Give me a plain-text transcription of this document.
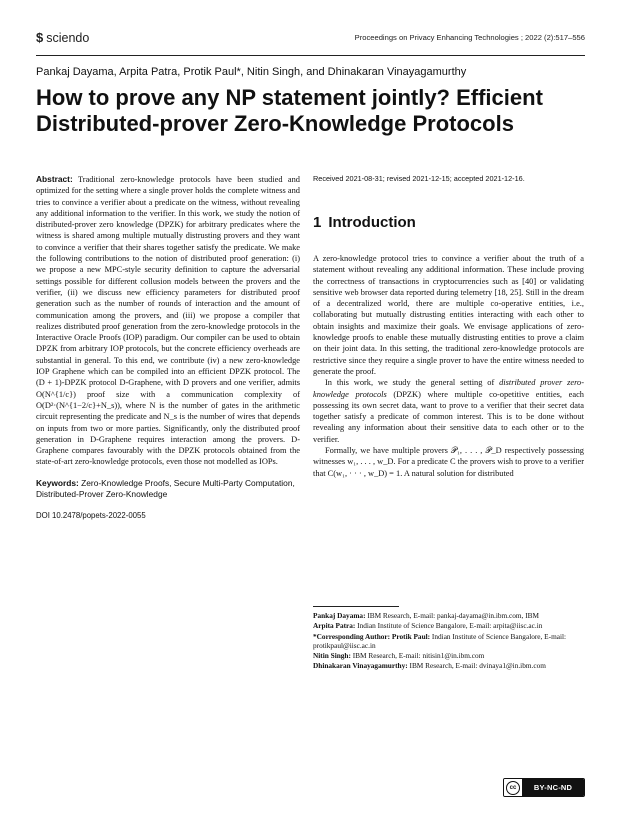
$ sciendo	Proceedings on Privacy Enhancing Technologies ; 2022 (2):517–556
Pankaj Dayama, Arpita Patra, Protik Paul*, Nitin Singh, and Dhinakaran Vinayagamurthy
How to prove any NP statement jointly? Efficient Distributed-prover Zero-Knowledge Protocols

Abstract: Traditional zero-knowledge protocols have been studied and optimized for the setting where a single prover holds the complete witness and tries to convince a verifier about a predicate on the witness, without revealing any additional information to the verifier. In this work, we study the notion of distributed-prover zero knowledge (DPZK) for arbitrary predicates where the witness is shared among multiple mutually distrusting provers and they want to convince a verifier that their shares together satisfy the predicate. We make the following contributions to the notion of distributed proof generation: (i) we propose a new MPC-style security definition to capture the adversarial settings possible for different collusion models between the provers and the verifier, (ii) we discuss new efficiency parameters for distributed proof generation such as the number of rounds of interaction and the amount of communication among the provers, and (iii) we propose a compiler that realizes distributed proof generation from the zero-knowledge protocols in the Interactive Oracle Proofs (IOP) paradigm. Our compiler can be used to obtain DPZK from arbitrary IOP protocols, but the concrete efficiency overheads are substantial in general. To this end, we contribute (iv) a new zero-knowledge IOP Graphene which can be compiled into an efficient DPZK protocol. The (D + 1)-DPZK protocol D-Graphene, with D provers and one verifier, admits O(N^{1/c}) proof size with a communication complexity of O(D²·(N^{1−2/c}+N_s)), where N is the number of gates in the arithmetic circuit representing the predicate and N_s is the number of wires that depends on inputs from two or more parties. Significantly, only the distributed proof generation in D-Graphene requires interaction among the provers. D-Graphene compares favourably with the DPZK protocols obtained from the state-of-art zero-knowledge protocols, even those not modelled as IOPs.

Keywords: Zero-Knowledge Proofs, Secure Multi-Party Computation, Distributed-Prover Zero-Knowledge
DOI 10.2478/popets-2022-0055
Received 2021-08-31; revised 2021-12-15; accepted 2021-12-16.
1 Introduction

A zero-knowledge protocol tries to convince a verifier about the truth of a statement without revealing any additional information. These include proving the correctness of transactions in cryptocurrencies such as [40] or validating sensitive web browser data reported during telemetry [18, 25]. Still in the dream of a decentralized world, there are multiple co-operative entities, i.e., collaborating but mutually distrusting entities interacting with each other to obtain insights and maximize their goals. We envisage applications of zero-knowledge proofs to enable these mutually distrusting entities to prove a claim on their joint data. In this setting, the traditional zero-knowledge protocols are restrictive since they require a single prover to have the entire witness needed to generate the proof.

In this work, we study the general setting of distributed prover zero-knowledge protocols (DPZK) where multiple co-opetitive entities, each possessing its own secret data, want to prove to a verifier that their secret data together satisfy a predicate of common interest. This is to be done without revealing any information about their sensitive data to each other or to the verifier.

Formally, we have multiple provers 𝒫₁, . . . , 𝒫_D respectively possessing witnesses w₁, . . . , w_D. For a predicate C the provers wish to prove to a verifier that C(w₁, · · · , w_D) = 1. A natural solution for distributed

Pankaj Dayama: IBM Research, E-mail: pankaj-dayama@in.ibm.com, IBM

Arpita Patra: Indian Institute of Science Bangalore, E-mail: arpita@iisc.ac.in

*Corresponding Author: Protik Paul: Indian Institute of Science Bangalore, E-mail: protikpaul@iisc.ac.in

Nitin Singh: IBM Research, E-mail: nitisin1@in.ibm.com

Dhinakaran Vinayagamurthy: IBM Research, E-mail: dvinaya1@in.ibm.com

cc	BY-NC-ND
